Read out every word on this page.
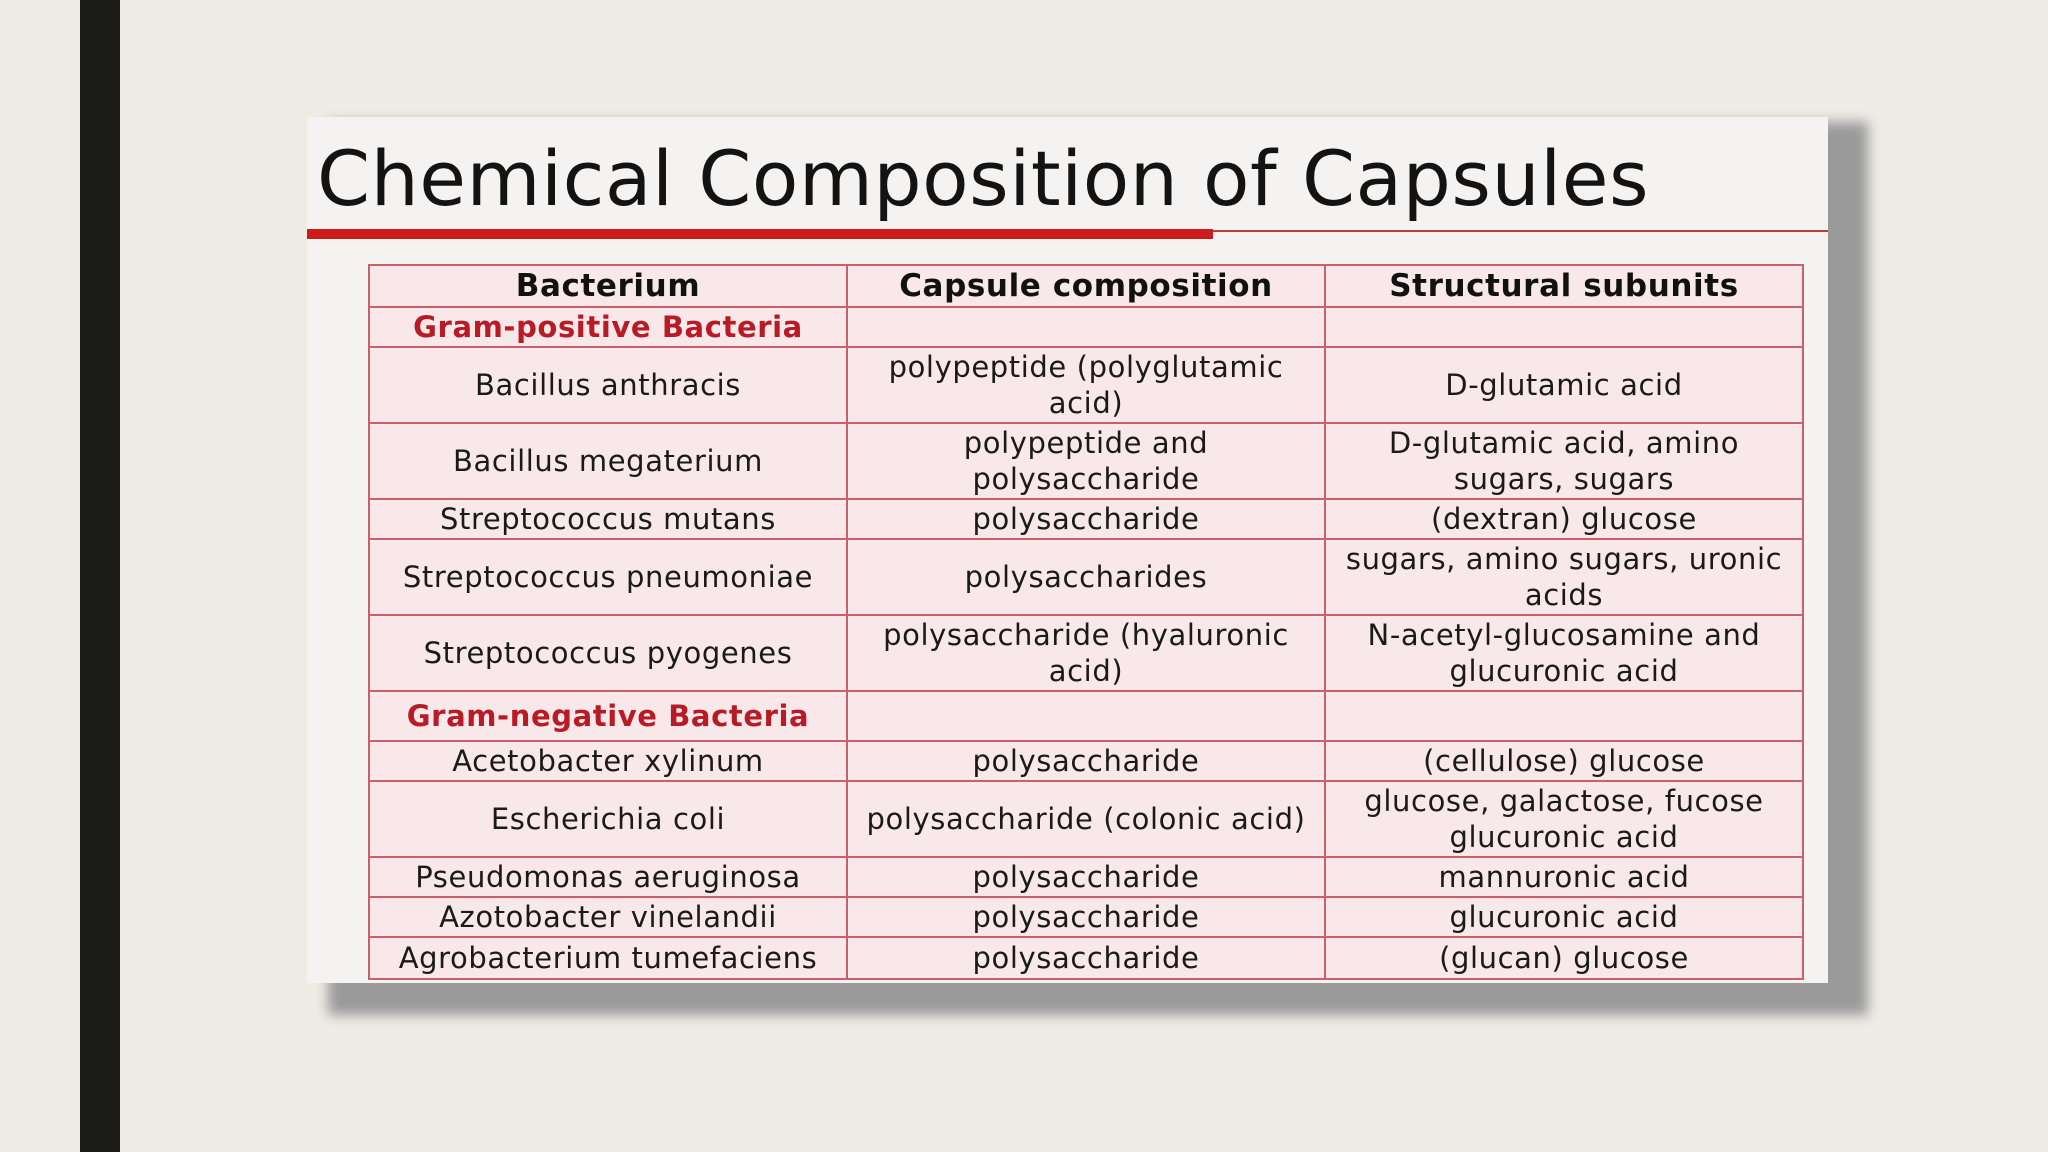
Chemical Composition of Capsules
Bacterium	Capsule composition	Structural subunits
Gram-positive Bacteria		
Bacillus anthracis	polypeptide (polyglutamic acid)	D-glutamic acid
Bacillus megaterium	polypeptide and polysaccharide	D-glutamic acid, amino sugars, sugars
Streptococcus mutans	polysaccharide	(dextran) glucose
Streptococcus pneumoniae	polysaccharides	sugars, amino sugars, uronic acids
Streptococcus pyogenes	polysaccharide (hyaluronic acid)	N-acetyl-glucosamine and glucuronic acid
Gram-negative Bacteria		
Acetobacter xylinum	polysaccharide	(cellulose) glucose
Escherichia coli	polysaccharide (colonic acid)	glucose, galactose, fucose glucuronic acid
Pseudomonas aeruginosa	polysaccharide	mannuronic acid
Azotobacter vinelandii	polysaccharide	glucuronic acid
Agrobacterium tumefaciens	polysaccharide	(glucan) glucose
